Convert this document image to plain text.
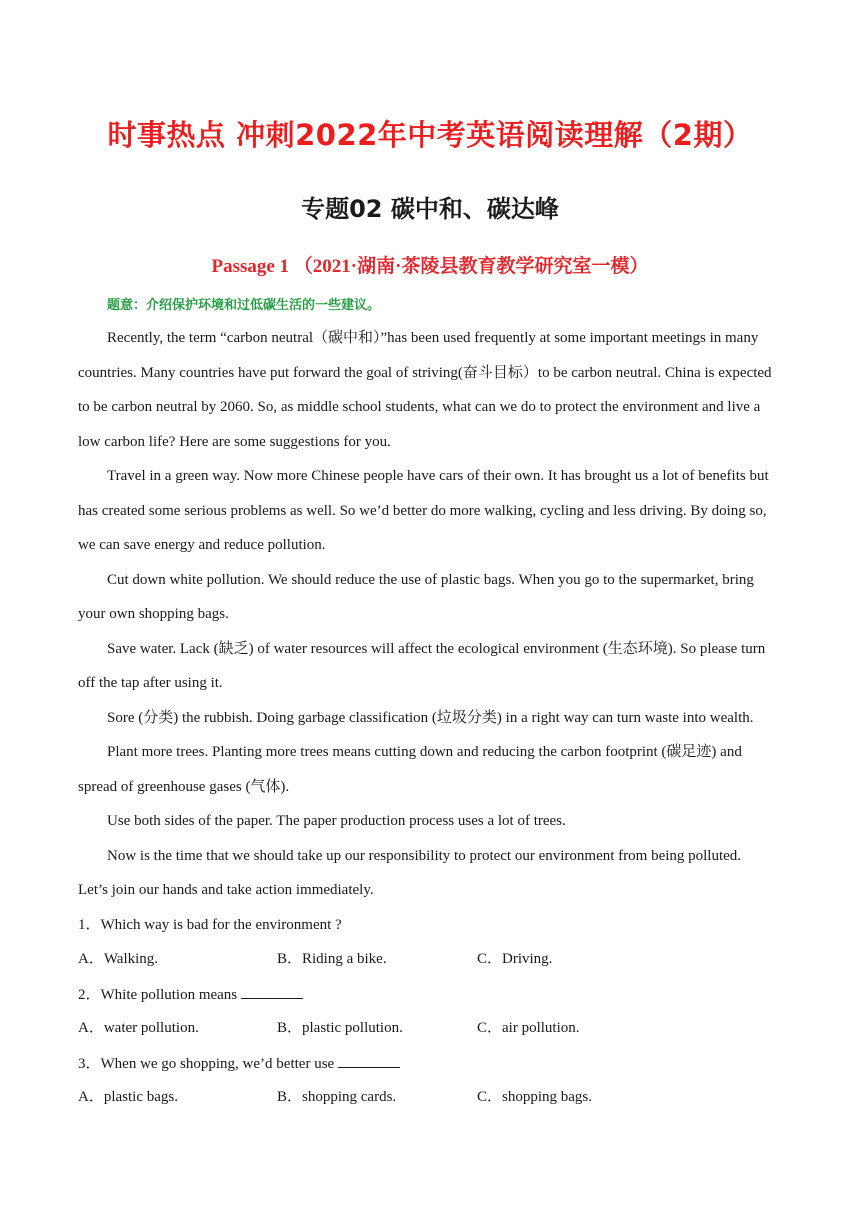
时事热点 冲刺2022年中考英语阅读理解（2期）
专题02 碳中和、碳达峰
Passage 1 （2021·湖南·茶陵县教育教学研究室一模）

题意：介绍保护环境和过低碳生活的一些建议。

Recently, the term “carbon neutral（碳中和）”has been used frequently at some important meetings in many

countries. Many countries have put forward the goal of striving(奋斗目标）to be carbon neutral. China is expected

to be carbon neutral by 2060. So, as middle school students, what can we do to protect the environment and live a

low carbon life? Here are some suggestions for you.

Travel in a green way. Now more Chinese people have cars of their own. It has brought us a lot of benefits but

has created some serious problems as well. So we’d better do more walking, cycling and less driving. By doing so,

we can save energy and reduce pollution.

Cut down white pollution. We should reduce the use of plastic bags. When you go to the supermarket, bring

your own shopping bags.

Save water. Lack (缺乏) of water resources will affect the ecological environment (生态环境). So please turn

off the tap after using it.

Sore (分类) the rubbish. Doing garbage classification (垃圾分类) in a right way can turn waste into wealth.

Plant more trees. Planting more trees means cutting down and reducing the carbon footprint (碳足迹) and

spread of greenhouse gases (气体).

Use both sides of the paper. The paper production process uses a lot of trees.

Now is the time that we should take up our responsibility to protect our environment from being polluted.

Let’s join our hands and take action immediately.

1．Which way is bad for the environment ?

A．Walking.	B．Riding a bike.	C．Driving.

2．White pollution means

A．water pollution.	B．plastic pollution.	C．air pollution.

3．When we go shopping, we’d better use

A．plastic bags.	B．shopping cards.	C．shopping bags.
